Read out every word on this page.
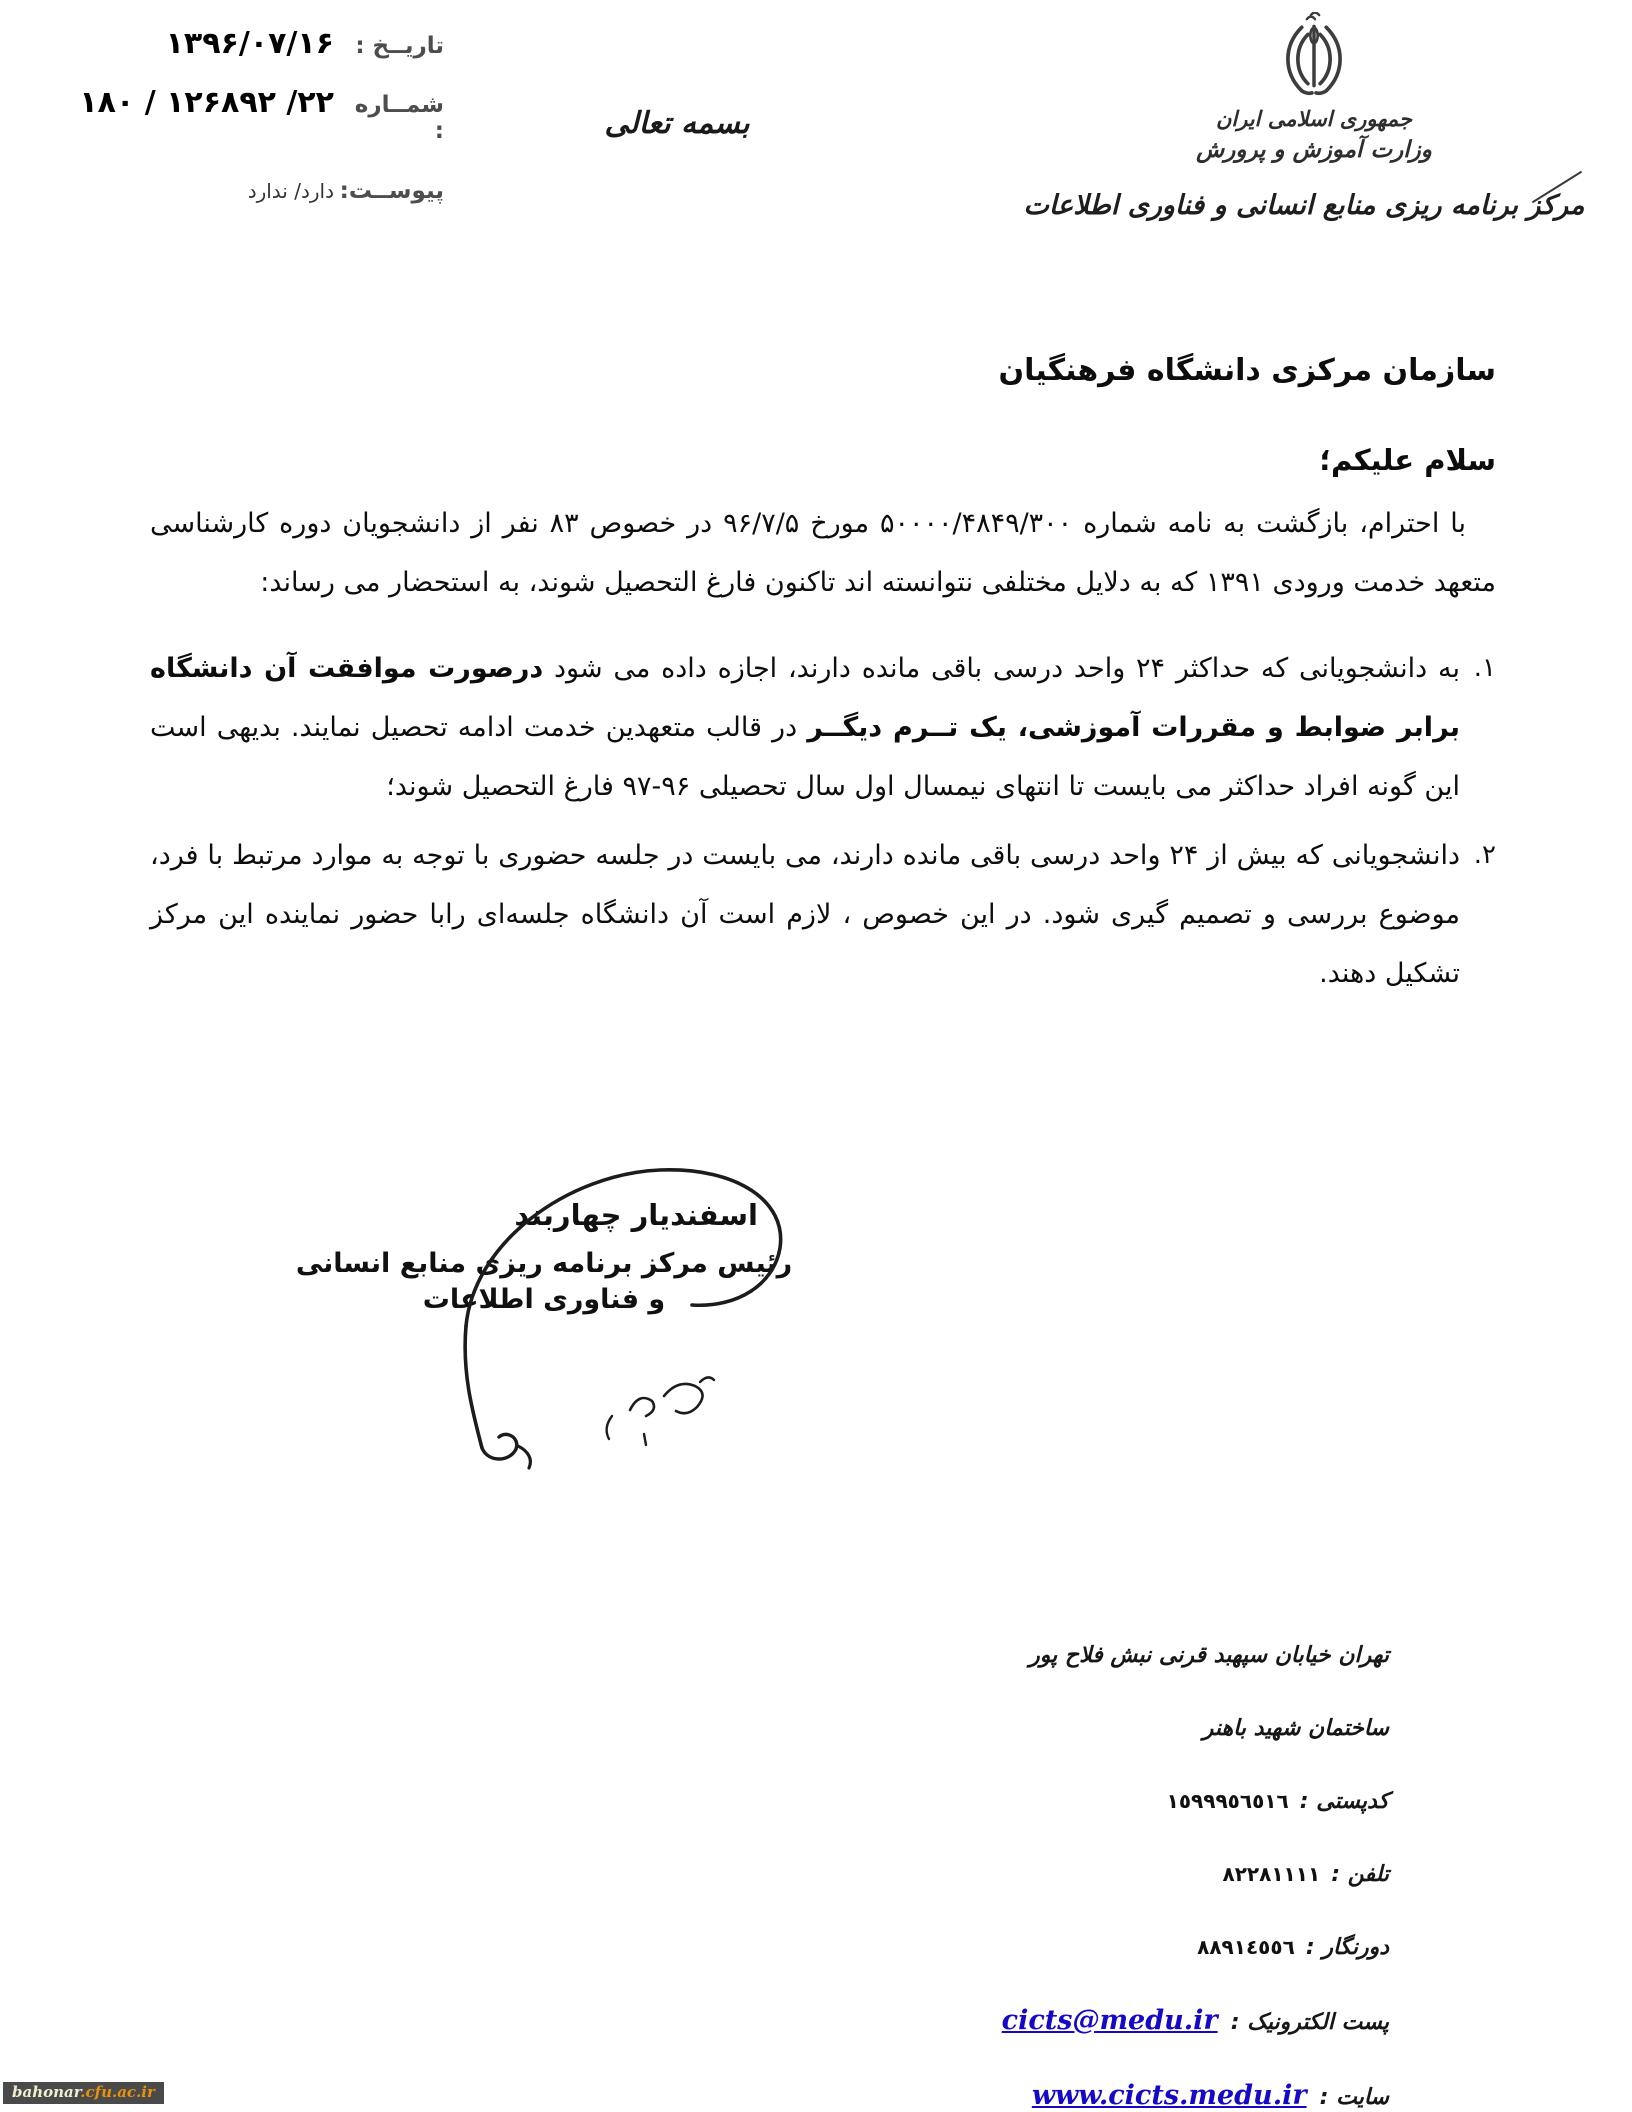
تاریــخ :
۱۳۹۶/۰۷/۱۶
شمــاره :
۱۸۰ / ۱۲۶۸۹۲ /۲۲
پیوســت:
دارد/ ندارد
جمهوری اسلامی ایران
وزارت آموزش و پرورش
مرکز برنامه ریزی منابع انسانی و فناوری اطلاعات
بسمه تعالی
سازمان مرکزی دانشگاه فرهنگیان
سلام علیکم؛

با احترام، بازگشت به نامه شماره ۵۰۰۰۰/۴۸۴۹/۳۰۰ مورخ ۹۶/۷/۵ در خصوص ۸۳ نفر از دانشجویان دوره کارشناسی متعهد خدمت ورودی ۱۳۹۱ که به دلایل مختلفی نتوانسته اند تاکنون فارغ التحصیل شوند، به استحضار می رساند:

۱.
به دانشجویانی که حداکثر ۲۴ واحد درسی باقی مانده دارند، اجازه داده می شود درصورت موافقت آن دانشگاه برابر ضوابط و مقررات آموزشی، یک تــرم دیگــر در قالب متعهدین خدمت ادامه تحصیل نمایند. بدیهی است این گونه افراد حداکثر می بایست تا انتهای نیمسال اول سال تحصیلی ۹۶-۹۷ فارغ التحصیل شوند؛
۲.
دانشجویانی که بیش از ۲۴ واحد درسی باقی مانده دارند، می بایست در جلسه حضوری با توجه به موارد مرتبط با فرد، موضوع بررسی و تصمیم گیری شود. در این خصوص ، لازم است آن دانشگاه جلسه‌ای رابا حضور نماینده این مرکز تشکیل دهند.
اسفندیار چهاربند
رئیس مرکز برنامه ریزی منابع انسانی و فناوری اطلاعات
تهران خیابان سپهبد قرنی نبش فلاح پور
ساختمان شهید باهنر
کدپستی : ١٥٩٩٩٥٦٥١٦
تلفن : ٨٢٢٨١١١١
دورنگار : ٨٨٩١٤٥٥٦
پست الکترونیک : cicts@medu.ir
سایت : www.cicts.medu.ir
bahonar.cfu.ac.ir
